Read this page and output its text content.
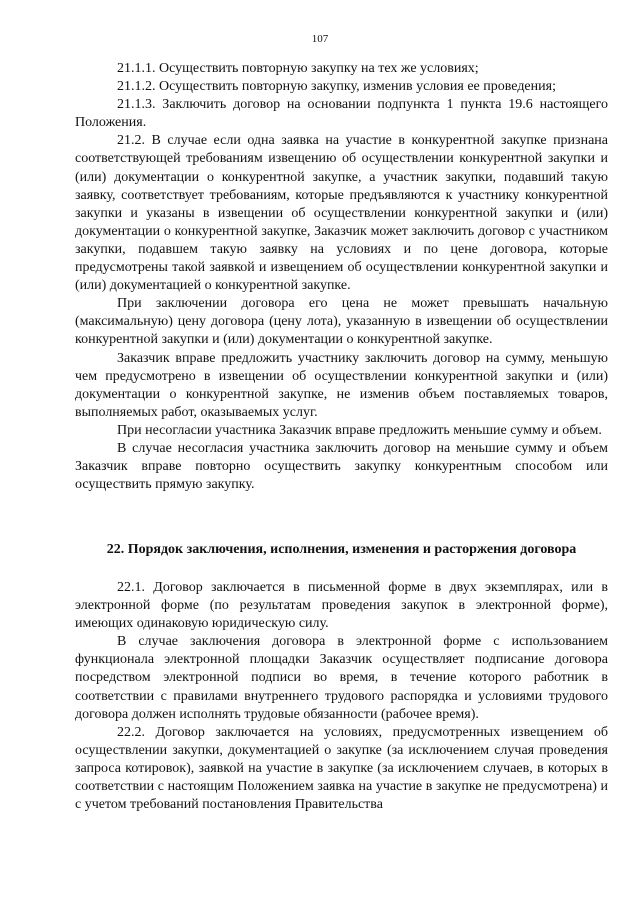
107

21.1.1. Осуществить повторную закупку на тех же условиях;

21.1.2. Осуществить повторную закупку, изменив условия ее проведения;

21.1.3. Заключить договор на основании подпункта 1 пункта 19.6 настоящего Положения.

21.2. В случае если одна заявка на участие в конкурентной закупке признана соответствующей требованиям извещению об осуществлении конкурентной закупки и (или) документации о конкурентной закупке, а участник закупки, подавший такую заявку, соответствует требованиям, которые предъявляются к участнику конкурентной закупки и указаны в извещении об осуществлении конкурентной закупки и (или) документации о конкурентной закупке, Заказчик может заключить договор с участником закупки, подавшем такую заявку на условиях и по цене договора, которые предусмотрены такой заявкой и извещением об осуществлении конкурентной закупки и (или) документацией о конкурентной закупке.

При заключении договора его цена не может превышать начальную (максимальную) цену договора (цену лота), указанную в извещении об осуществлении конкурентной закупки и (или) документации о конкурентной закупке.

Заказчик вправе предложить участнику заключить договор на сумму, меньшую чем предусмотрено в извещении об осуществлении конкурентной закупки и (или) документации о конкурентной закупке, не изменив объем поставляемых товаров, выполняемых работ, оказываемых услуг.

При несогласии участника Заказчик вправе предложить меньшие сумму и объем.

В случае несогласия участника заключить договор на меньшие сумму и объем Заказчик вправе повторно осуществить закупку конкурентным способом или осуществить прямую закупку.

22. Порядок заключения, исполнения, изменения и расторжения договора

22.1. Договор заключается в письменной форме в двух экземплярах, или в электронной форме (по результатам проведения закупок в электронной форме), имеющих одинаковую юридическую силу.

В случае заключения договора в электронной форме с использованием функционала электронной площадки Заказчик осуществляет подписание договора посредством электронной подписи во время, в течение которого работник в соответствии с правилами внутреннего трудового распорядка и условиями трудового договора должен исполнять трудовые обязанности (рабочее время).

22.2. Договор заключается на условиях, предусмотренных извещением об осуществлении закупки, документацией о закупке (за исключением случая проведения запроса котировок), заявкой на участие в закупке (за исключением случаев, в которых в соответствии с настоящим Положением заявка на участие в закупке не предусмотрена) и с учетом требований постановления Правительства
